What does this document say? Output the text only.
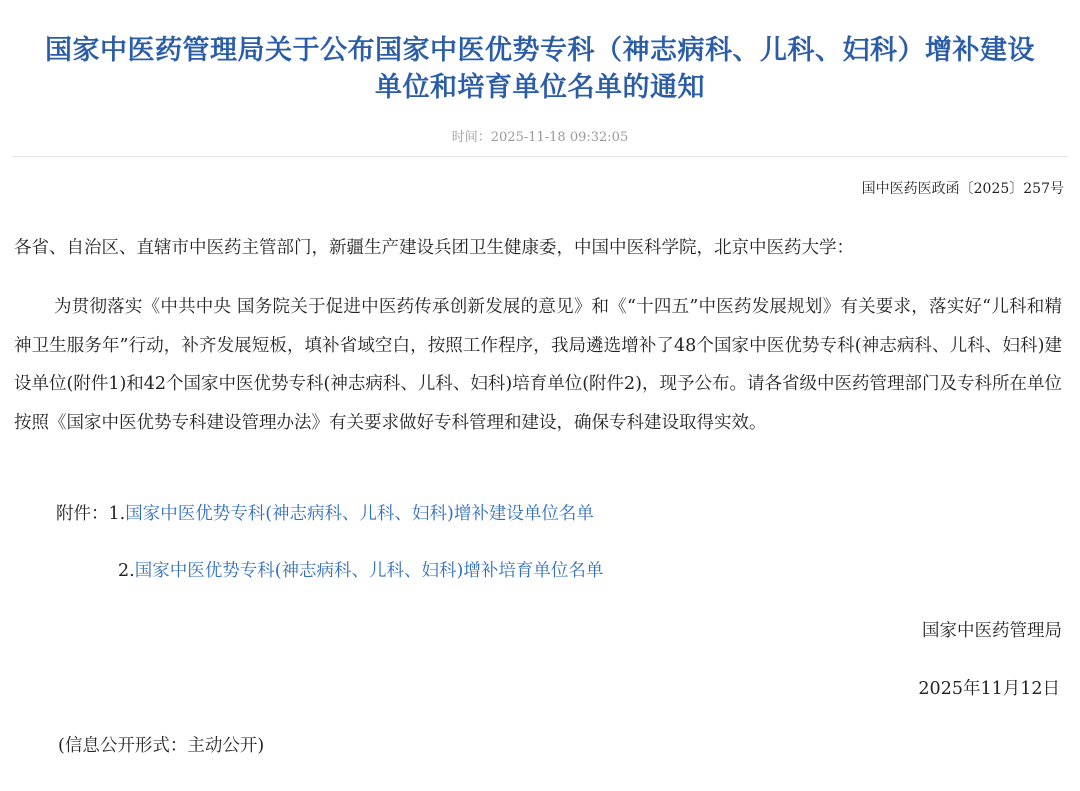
国家中医药管理局关于公布国家中医优势专科（神志病科、儿科、妇科）增补建设
单位和培育单位名单的通知
时间：2025-11-18 09:32:05
国中医药医政函〔2025〕257号
各省、自治区、直辖市中医药主管部门，新疆生产建设兵团卫生健康委，中国中医科学院，北京中医药大学：

为贯彻落实《中共中央 国务院关于促进中医药传承创新发展的意见》和《“十四五”中医药发展规划》有关要求，落实好“儿科和精神卫生服务年”行动，补齐发展短板，填补省域空白，按照工作程序，我局遴选增补了48个国家中医优势专科(神志病科、儿科、妇科)建设单位(附件1)和42个国家中医优势专科(神志病科、儿科、妇科)培育单位(附件2)，现予公布。请各省级中医药管理部门及专科所在单位按照《国家中医优势专科建设管理办法》有关要求做好专科管理和建设，确保专科建设取得实效。

附件：1.国家中医优势专科(神志病科、儿科、妇科)增补建设单位名单
2.国家中医优势专科(神志病科、儿科、妇科)增补培育单位名单
国家中医药管理局
2025年11月12日
(信息公开形式：主动公开)
